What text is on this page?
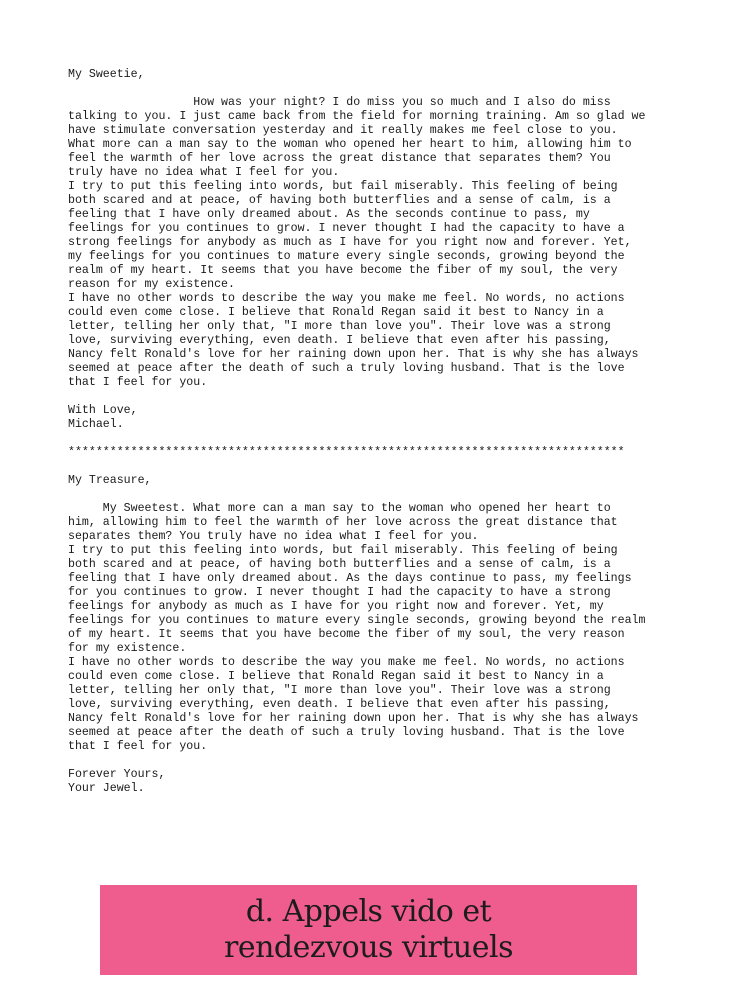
My Sweetie,
How was your night? I do miss you so much and I also do miss
talking to you. I just came back from the field for morning training. Am so glad we
have stimulate conversation yesterday and it really makes me feel close to you.
What more can a man say to the woman who opened her heart to him, allowing him to
feel the warmth of her love across the great distance that separates them? You
truly have no idea what I feel for you.
I try to put this feeling into words, but fail miserably. This feeling of being
both scared and at peace, of having both butterflies and a sense of calm, is a
feeling that I have only dreamed about. As the seconds continue to pass, my
feelings for you continues to grow. I never thought I had the capacity to have a
strong feelings for anybody as much as I have for you right now and forever. Yet,
my feelings for you continues to mature every single seconds, growing beyond the
realm of my heart. It seems that you have become the fiber of my soul, the very
reason for my existence.
I have no other words to describe the way you make me feel. No words, no actions
could even come close. I believe that Ronald Regan said it best to Nancy in a
letter, telling her only that, "I more than love you". Their love was a strong
love, surviving everything, even death. I believe that even after his passing,
Nancy felt Ronald's love for her raining down upon her. That is why she has always
seemed at peace after the death of such a truly loving husband. That is the love
that I feel for you.
With Love,
Michael.
********************************************************************************
My Treasure,
My Sweetest. What more can a man say to the woman who opened her heart to
him, allowing him to feel the warmth of her love across the great distance that
separates them? You truly have no idea what I feel for you.
I try to put this feeling into words, but fail miserably. This feeling of being
both scared and at peace, of having both butterflies and a sense of calm, is a
feeling that I have only dreamed about. As the days continue to pass, my feelings
for you continues to grow. I never thought I had the capacity to have a strong
feelings for anybody as much as I have for you right now and forever. Yet, my
feelings for you continues to mature every single seconds, growing beyond the realm
of my heart. It seems that you have become the fiber of my soul, the very reason
for my existence.
I have no other words to describe the way you make me feel. No words, no actions
could even come close. I believe that Ronald Regan said it best to Nancy in a
letter, telling her only that, "I more than love you". Their love was a strong
love, surviving everything, even death. I believe that even after his passing,
Nancy felt Ronald's love for her raining down upon her. That is why she has always
seemed at peace after the death of such a truly loving husband. That is the love
that I feel for you.
Forever Yours,
Your Jewel.
d. Appels vido et
rendezvous virtuels
